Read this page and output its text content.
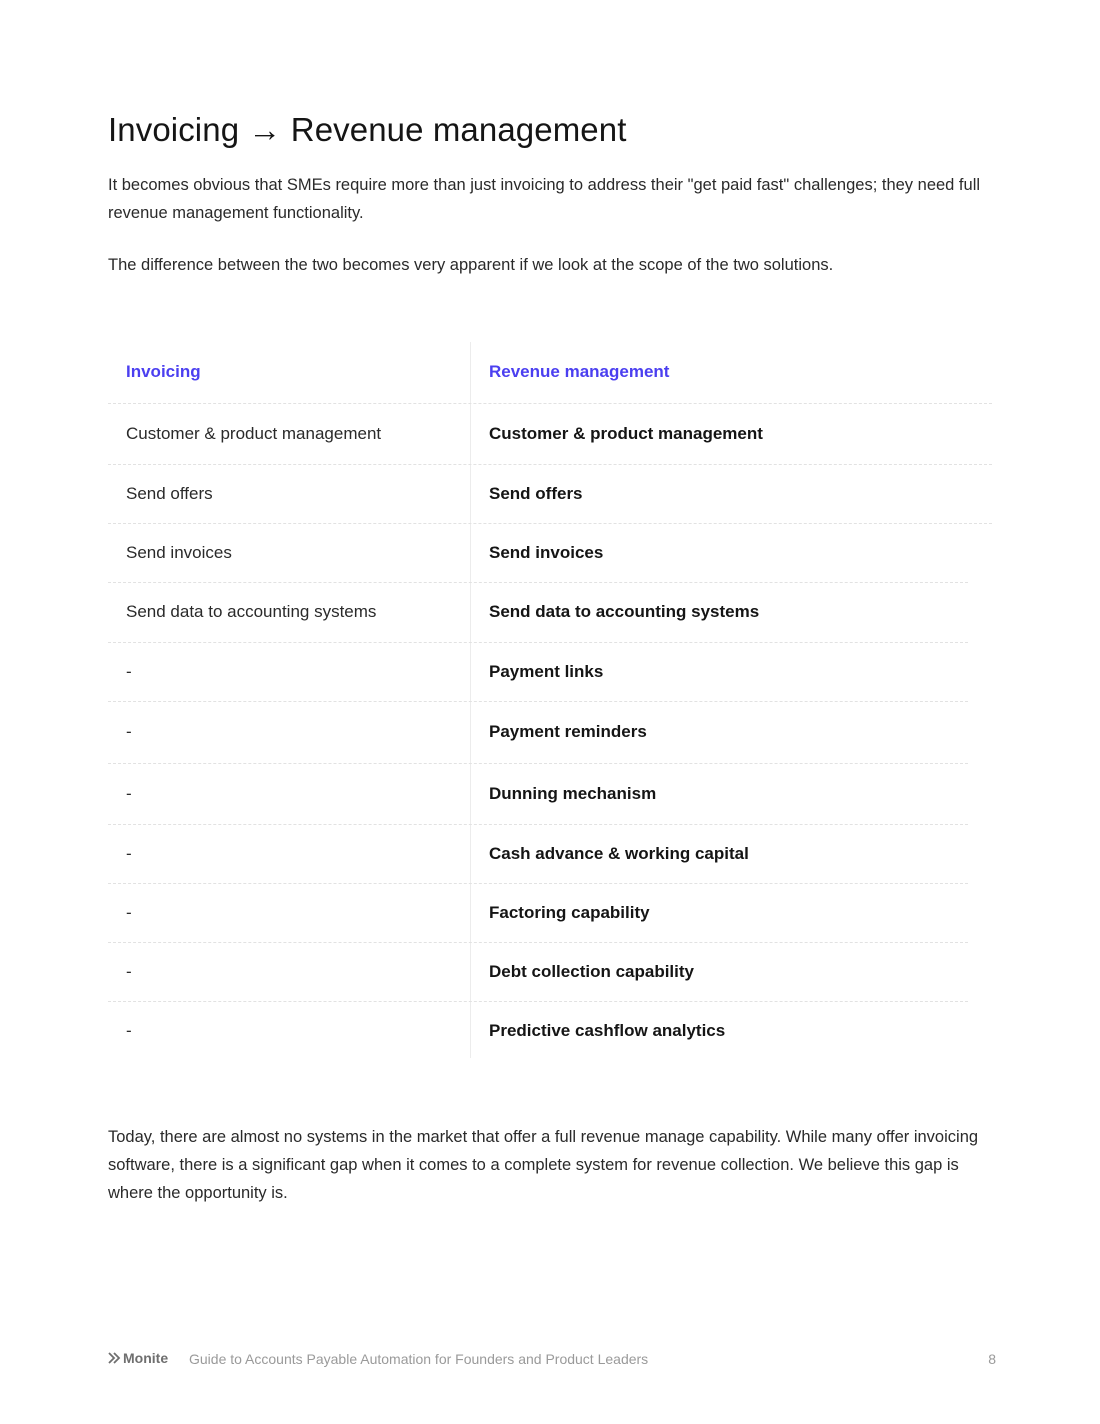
Invoicing → Revenue management

It becomes obvious that SMEs require more than just invoicing to address their "get paid fast" challenges; they need full revenue management functionality.

The difference between the two becomes very apparent if we look at the scope of the two solutions.

Invoicing	Revenue management
Customer & product management	Customer & product management
Send offers	Send offers
Send invoices	Send invoices
Send data to accounting systems	Send data to accounting systems
-	Payment links
-	Payment reminders
-	Dunning mechanism
-	Cash advance & working capital
-	Factoring capability
-	Debt collection capability
-	Predictive cashflow analytics

Today, there are almost no systems in the market that offer a full revenue manage capability. While many offer invoicing software, there is a significant gap when it comes to a complete system for revenue collection. We believe this gap is where the opportunity is.

Monite Guide to Accounts Payable Automation for Founders and Product Leaders	8
